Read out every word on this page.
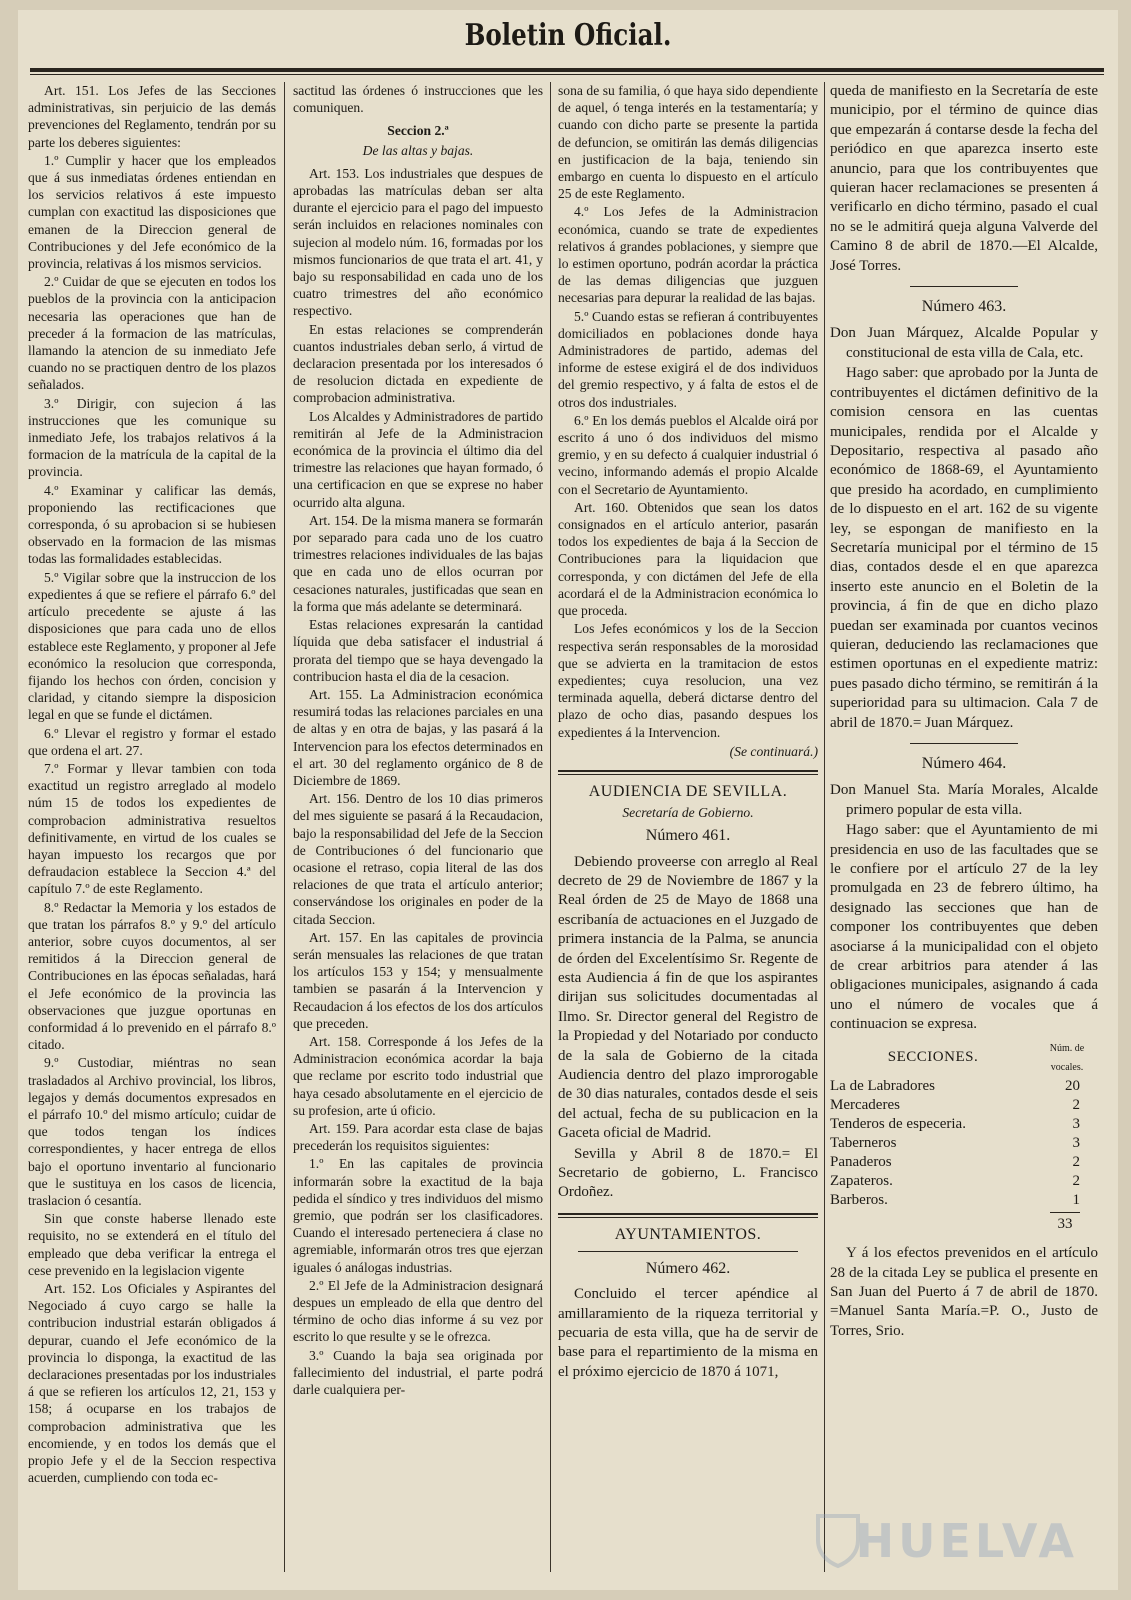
Boletin Oficial.

Art. 151. Los Jefes de las Secciones administrativas, sin perjuicio de las demás prevenciones del Reglamento, tendrán por su parte los deberes siguientes:

1.º Cumplir y hacer que los empleados que á sus inmediatas órdenes entiendan en los servicios relativos á este impuesto cumplan con exactitud las disposiciones que emanen de la Direccion general de Contribuciones y del Jefe económico de la provincia, relativas á los mismos servicios.

2.º Cuidar de que se ejecuten en todos los pueblos de la provincia con la anticipacion necesaria las operaciones que han de preceder á la formacion de las matrículas, llamando la atencion de su inmediato Jefe cuando no se practiquen dentro de los plazos señalados.

3.º Dirigir, con sujecion á las instrucciones que les comunique su inmediato Jefe, los trabajos relativos á la formacion de la matrícula de la capital de la provincia.

4.º Examinar y calificar las demás, proponiendo las rectificaciones que corresponda, ó su aprobacion si se hubiesen observado en la formacion de las mismas todas las formalidades establecidas.

5.º Vigilar sobre que la instruccion de los expedientes á que se refiere el párrafo 6.º del artículo precedente se ajuste á las disposiciones que para cada uno de ellos establece este Reglamento, y proponer al Jefe económico la resolucion que corresponda, fijando los hechos con órden, concision y claridad, y citando siempre la disposicion legal en que se funde el dictámen.

6.º Llevar el registro y formar el estado que ordena el art. 27.

7.º Formar y llevar tambien con toda exactitud un registro arreglado al modelo núm 15 de todos los expedientes de comprobacion administrativa resueltos definitivamente, en virtud de los cuales se hayan impuesto los recargos que por defraudacion establece la Seccion 4.ª del capítulo 7.º de este Reglamento.

8.º Redactar la Memoria y los estados de que tratan los párrafos 8.º y 9.º del artículo anterior, sobre cuyos documentos, al ser remitidos á la Direccion general de Contribuciones en las épocas señaladas, hará el Jefe económico de la provincia las observaciones que juzgue oportunas en conformidad á lo prevenido en el párrafo 8.º citado.

9.º Custodiar, miéntras no sean trasladados al Archivo provincial, los libros, legajos y demás documentos expresados en el párrafo 10.º del mismo artículo; cuidar de que todos tengan los índices correspondientes, y hacer entrega de ellos bajo el oportuno inventario al funcionario que le sustituya en los casos de licencia, traslacion ó cesantía.

Sin que conste haberse llenado este requisito, no se extenderá en el título del empleado que deba verificar la entrega el cese prevenido en la legislacion vigente

Art. 152. Los Oficiales y Aspirantes del Negociado á cuyo cargo se halle la contribucion industrial estarán obligados á depurar, cuando el Jefe económico de la provincia lo disponga, la exactitud de las declaraciones presentadas por los industriales á que se refieren los artículos 12, 21, 153 y 158; á ocuparse en los trabajos de comprobacion administrativa que les encomiende, y en todos los demás que el propio Jefe y el de la Seccion respectiva acuerden, cumpliendo con toda ec-

sactitud las órdenes ó instrucciones que les comuniquen.

Seccion 2.ª
De las altas y bajas.

Art. 153. Los industriales que despues de aprobadas las matrículas deban ser alta durante el ejercicio para el pago del impuesto serán incluidos en relaciones nominales con sujecion al modelo núm. 16, formadas por los mismos funcionarios de que trata el art. 41, y bajo su responsabilidad en cada uno de los cuatro trimestres del año económico respectivo.

En estas relaciones se comprenderán cuantos industriales deban serlo, á virtud de declaracion presentada por los interesados ó de resolucion dictada en expediente de comprobacion administrativa.

Los Alcaldes y Administradores de partido remitirán al Jefe de la Administracion económica de la provincia el último dia del trimestre las relaciones que hayan formado, ó una certificacion en que se exprese no haber ocurrido alta alguna.

Art. 154. De la misma manera se formarán por separado para cada uno de los cuatro trimestres relaciones individuales de las bajas que en cada uno de ellos ocurran por cesaciones naturales, justificadas que sean en la forma que más adelante se determinará.

Estas relaciones expresarán la cantidad líquida que deba satisfacer el industrial á prorata del tiempo que se haya devengado la contribucion hasta el dia de la cesacion.

Art. 155. La Administracion económica resumirá todas las relaciones parciales en una de altas y en otra de bajas, y las pasará á la Intervencion para los efectos determinados en el art. 30 del reglamento orgánico de 8 de Diciembre de 1869.

Art. 156. Dentro de los 10 dias primeros del mes siguiente se pasará á la Recaudacion, bajo la responsabilidad del Jefe de la Seccion de Contribuciones ó del funcionario que ocasione el retraso, copia literal de las dos relaciones de que trata el artículo anterior; conservándose los originales en poder de la citada Seccion.

Art. 157. En las capitales de provincia serán mensuales las relaciones de que tratan los artículos 153 y 154; y mensualmente tambien se pasarán á la Intervencion y Recaudacion á los efectos de los dos artículos que preceden.

Art. 158. Corresponde á los Jefes de la Administracion económica acordar la baja que reclame por escrito todo industrial que haya cesado absolutamente en el ejercicio de su profesion, arte ú oficio.

Art. 159. Para acordar esta clase de bajas precederán los requisitos siguientes:

1.º En las capitales de provincia informarán sobre la exactitud de la baja pedida el síndico y tres individuos del mismo gremio, que podrán ser los clasificadores. Cuando el interesado perteneciera á clase no agremiable, informarán otros tres que ejerzan iguales ó análogas industrias.

2.º El Jefe de la Administracion designará despues un empleado de ella que dentro del término de ocho dias informe á su vez por escrito lo que resulte y se le ofrezca.

3.º Cuando la baja sea originada por fallecimiento del industrial, el parte podrá darle cualquiera per-

sona de su familia, ó que haya sido dependiente de aquel, ó tenga interés en la testamentaría; y cuando con dicho parte se presente la partida de defuncion, se omitirán las demás diligencias en justificacion de la baja, teniendo sin embargo en cuenta lo dispuesto en el artículo 25 de este Reglamento.

4.º Los Jefes de la Administracion económica, cuando se trate de expedientes relativos á grandes poblaciones, y siempre que lo estimen oportuno, podrán acordar la práctica de las demas diligencias que juzguen necesarias para depurar la realidad de las bajas.

5.º Cuando estas se refieran á contribuyentes domiciliados en poblaciones donde haya Administradores de partido, ademas del informe de estese exigirá el de dos individuos del gremio respectivo, y á falta de estos el de otros dos industriales.

6.º En los demás pueblos el Alcalde oirá por escrito á uno ó dos individuos del mismo gremio, y en su defecto á cualquier industrial ó vecino, informando además el propio Alcalde con el Secretario de Ayuntamiento.

Art. 160. Obtenidos que sean los datos consignados en el artículo anterior, pasarán todos los expedientes de baja á la Seccion de Contribuciones para la liquidacion que corresponda, y con dictámen del Jefe de ella acordará el de la Administracion económica lo que proceda.

Los Jefes económicos y los de la Seccion respectiva serán responsables de la morosidad que se advierta en la tramitacion de estos expedientes; cuya resolucion, una vez terminada aquella, deberá dictarse dentro del plazo de ocho dias, pasando despues los expedientes á la Intervencion.

(Se continuará.)
AUDIENCIA DE SEVILLA.
Secretaría de Gobierno.
Número 461.

Debiendo proveerse con arreglo al Real decreto de 29 de Noviembre de 1867 y la Real órden de 25 de Mayo de 1868 una escribanía de actuaciones en el Juzgado de primera instancia de la Palma, se anuncia de órden del Excelentísimo Sr. Regente de esta Audiencia á fin de que los aspirantes dirijan sus solicitudes documentadas al Ilmo. Sr. Director general del Registro de la Propiedad y del Notariado por conducto de la sala de Gobierno de la citada Audiencia dentro del plazo improrogable de 30 dias naturales, contados desde el seis del actual, fecha de su publicacion en la Gaceta oficial de Madrid.

Sevilla y Abril 8 de 1870.= El Secretario de gobierno, L. Francisco Ordoñez.

AYUNTAMIENTOS.
Número 462.

Concluido el tercer apéndice al amillaramiento de la riqueza territorial y pecuaria de esta villa, que ha de servir de base para el repartimiento de la misma en el próximo ejercicio de 1870 á 1071,

queda de manifiesto en la Secretaría de este municipio, por el término de quince dias que empezarán á contarse desde la fecha del periódico en que aparezca inserto este anuncio, para que los contribuyentes que quieran hacer reclamaciones se presenten á verificarlo en dicho término, pasado el cual no se le admitirá queja alguna Valverde del Camino 8 de abril de 1870.—El Alcalde, José Torres.

Número 463.

Don Juan Márquez, Alcalde Popular y constitucional de esta villa de Cala, etc.

Hago saber: que aprobado por la Junta de contribuyentes el dictámen definitivo de la comision censora en las cuentas municipales, rendida por el Alcalde y Depositario, respectiva al pasado año económico de 1868-69, el Ayuntamiento que presido ha acordado, en cumplimiento de lo dispuesto en el art. 162 de su vigente ley, se espongan de manifiesto en la Secretaría municipal por el término de 15 dias, contados desde el en que aparezca inserto este anuncio en el Boletin de la provincia, á fin de que en dicho plazo puedan ser examinada por cuantos vecinos quieran, deduciendo las reclamaciones que estimen oportunas en el expediente matriz: pues pasado dicho término, se remitirán á la superioridad para su ultimacion. Cala 7 de abril de 1870.= Juan Márquez.

Número 464.

Don Manuel Sta. María Morales, Alcalde primero popular de esta villa.

Hago saber: que el Ayuntamiento de mi presidencia en uso de las facultades que se le confiere por el artículo 27 de la ley promulgada en 23 de febrero último, ha designado las secciones que han de componer los contribuyentes que deben asociarse á la municipalidad con el objeto de crear arbitrios para atender á las obligaciones municipales, asignando á cada uno el número de vocales que á continuacion se expresa.

SECCIONES.	Núm. de vocales.
La de Labradores	20
Mercaderes	2
Tenderos de especeria.	3
Taberneros	3
Panaderos	2
Zapateros.	2
Barberos.	1
33

Y á los efectos prevenidos en el artículo 28 de la citada Ley se publica el presente en San Juan del Puerto á 7 de abril de 1870. =Manuel Santa María.=P. O., Justo de Torres, Srio.

HUELVA
